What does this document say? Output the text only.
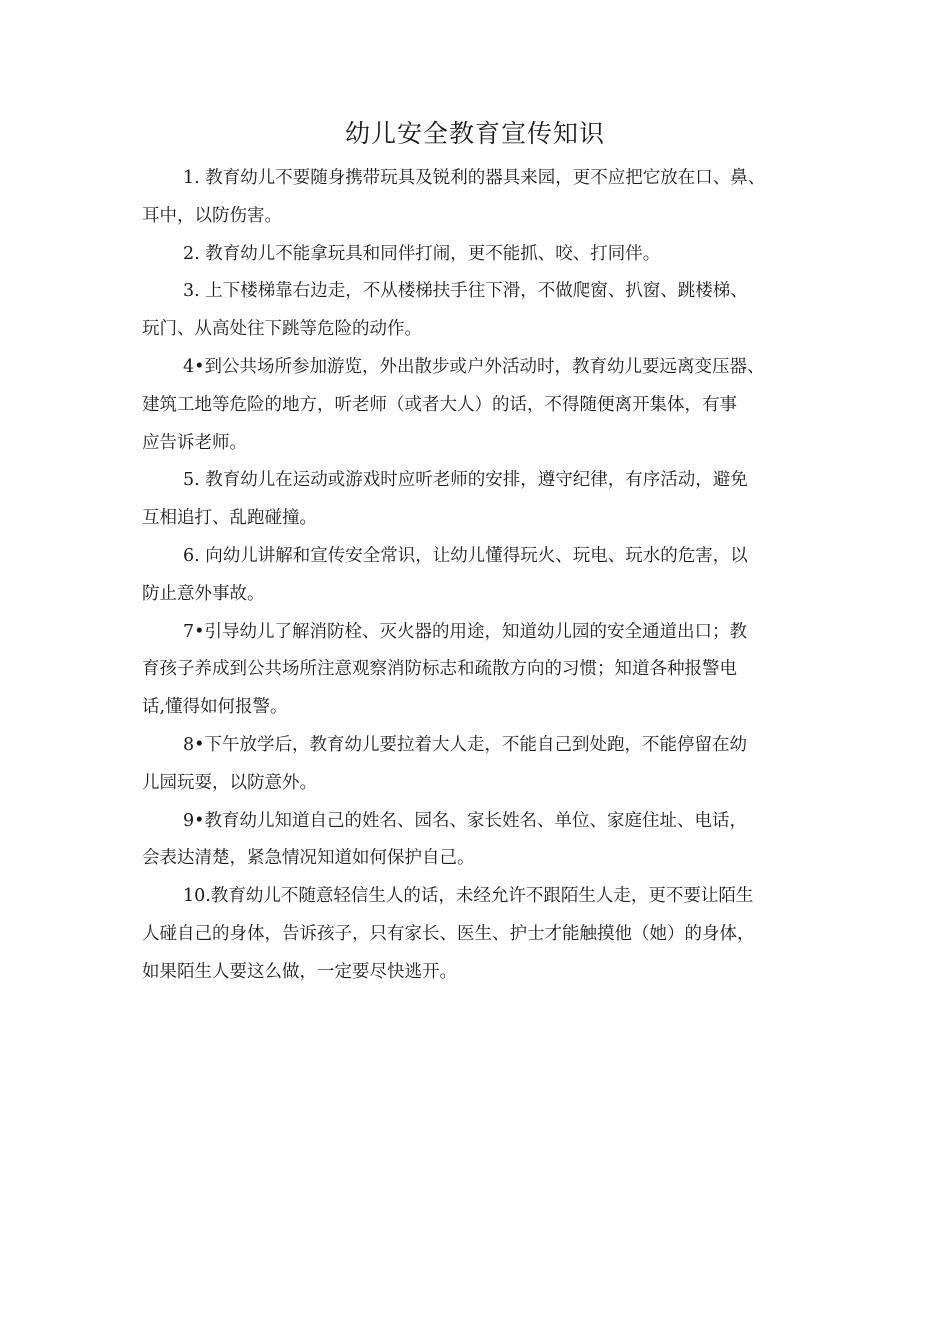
幼儿安全教育宣传知识
1. 教育幼儿不要随身携带玩具及锐利的器具来园，更不应把它放在口、鼻、
耳中，以防伤害。
2. 教育幼儿不能拿玩具和同伴打闹，更不能抓、咬、打同伴。
3. 上下楼梯靠右边走，不从楼梯扶手往下滑，不做爬窗、扒窗、跳楼梯、
玩门、从高处往下跳等危险的动作。
4•到公共场所参加游览，外出散步或户外活动时，教育幼儿要远离变压器、
建筑工地等危险的地方，听老师（或者大人）的话，不得随便离开集体，有事
应告诉老师。
5. 教育幼儿在运动或游戏时应听老师的安排，遵守纪律，有序活动，避免
互相追打、乱跑碰撞。
6. 向幼儿讲解和宣传安全常识，让幼儿懂得玩火、玩电、玩水的危害，以
防止意外事故。
7•引导幼儿了解消防栓、灭火器的用途，知道幼儿园的安全通道出口；教
育孩子养成到公共场所注意观察消防标志和疏散方向的习惯；知道各种报警电
话,懂得如何报警。
8•下午放学后，教育幼儿要拉着大人走，不能自己到处跑，不能停留在幼
儿园玩耍，以防意外。
9•教育幼儿知道自己的姓名、园名、家长姓名、单位、家庭住址、电话，
会表达清楚，紧急情况知道如何保护自己。
10.教育幼儿不随意轻信生人的话，未经允许不跟陌生人走，更不要让陌生
人碰自己的身体，告诉孩子，只有家长、医生、护士才能触摸他（她）的身体，
如果陌生人要这么做，一定要尽快逃开。
